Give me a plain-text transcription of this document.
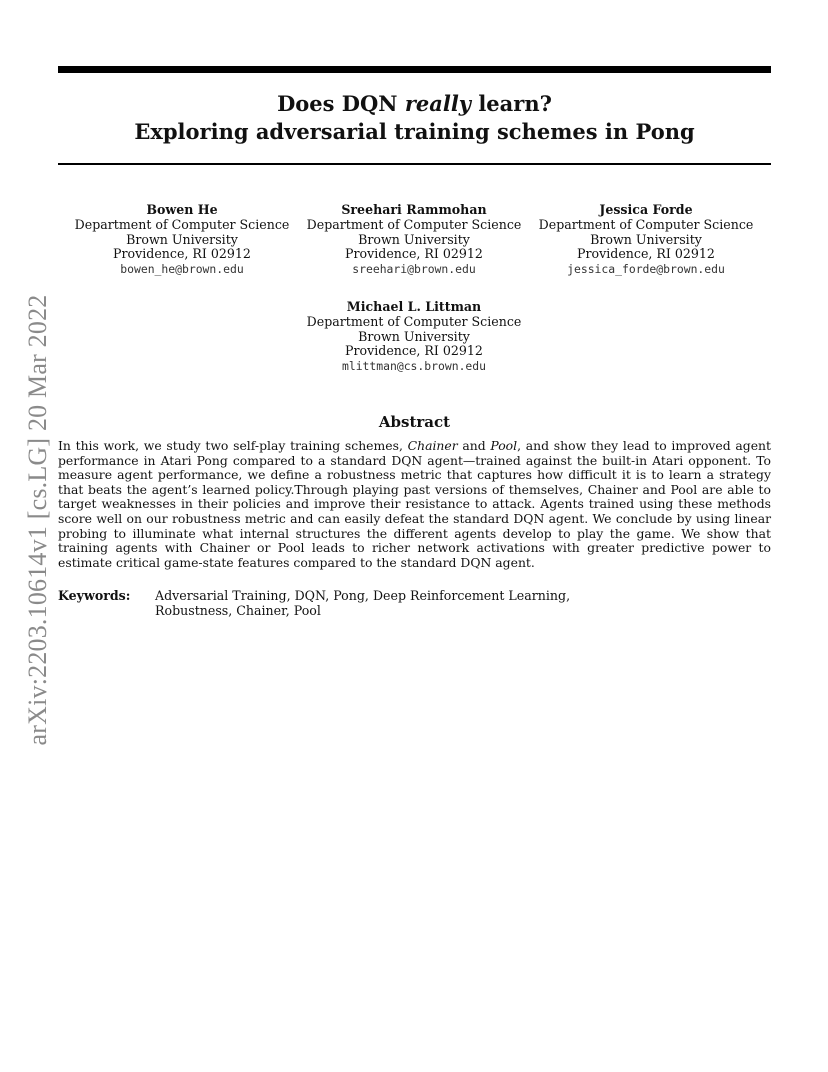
Does DQN really learn?
Exploring adversarial training schemes in Pong
Bowen He
Department of Computer Science
Brown University
Providence, RI 02912
bowen_he@brown.edu
Sreehari Rammohan
Department of Computer Science
Brown University
Providence, RI 02912
sreehari@brown.edu
Jessica Forde
Department of Computer Science
Brown University
Providence, RI 02912
jessica_forde@brown.edu
Michael L. Littman
Department of Computer Science
Brown University
Providence, RI 02912
mlittman@cs.brown.edu
Abstract
In this work, we study two self-play training schemes, Chainer and Pool, and show they lead to improved agent performance in Atari Pong compared to a standard DQN agent—trained against the built-in Atari opponent. To measure agent performance, we define a robustness metric that captures how difficult it is to learn a strategy that beats the agent’s learned policy.Through playing past versions of themselves, Chainer and Pool are able to target weaknesses in their policies and improve their resistance to attack. Agents trained using these methods score well on our robustness metric and can easily defeat the standard DQN agent. We conclude by using linear probing to illuminate what internal structures the different agents develop to play the game. We show that training agents with Chainer or Pool leads to richer network activations with greater predictive power to estimate critical game-state features compared to the standard DQN agent.
Keywords: Adversarial Training, DQN, Pong, Deep Reinforcement Learning, Robustness, Chainer, Pool
arXiv:2203.10614v1 [cs.LG] 20 Mar 2022
